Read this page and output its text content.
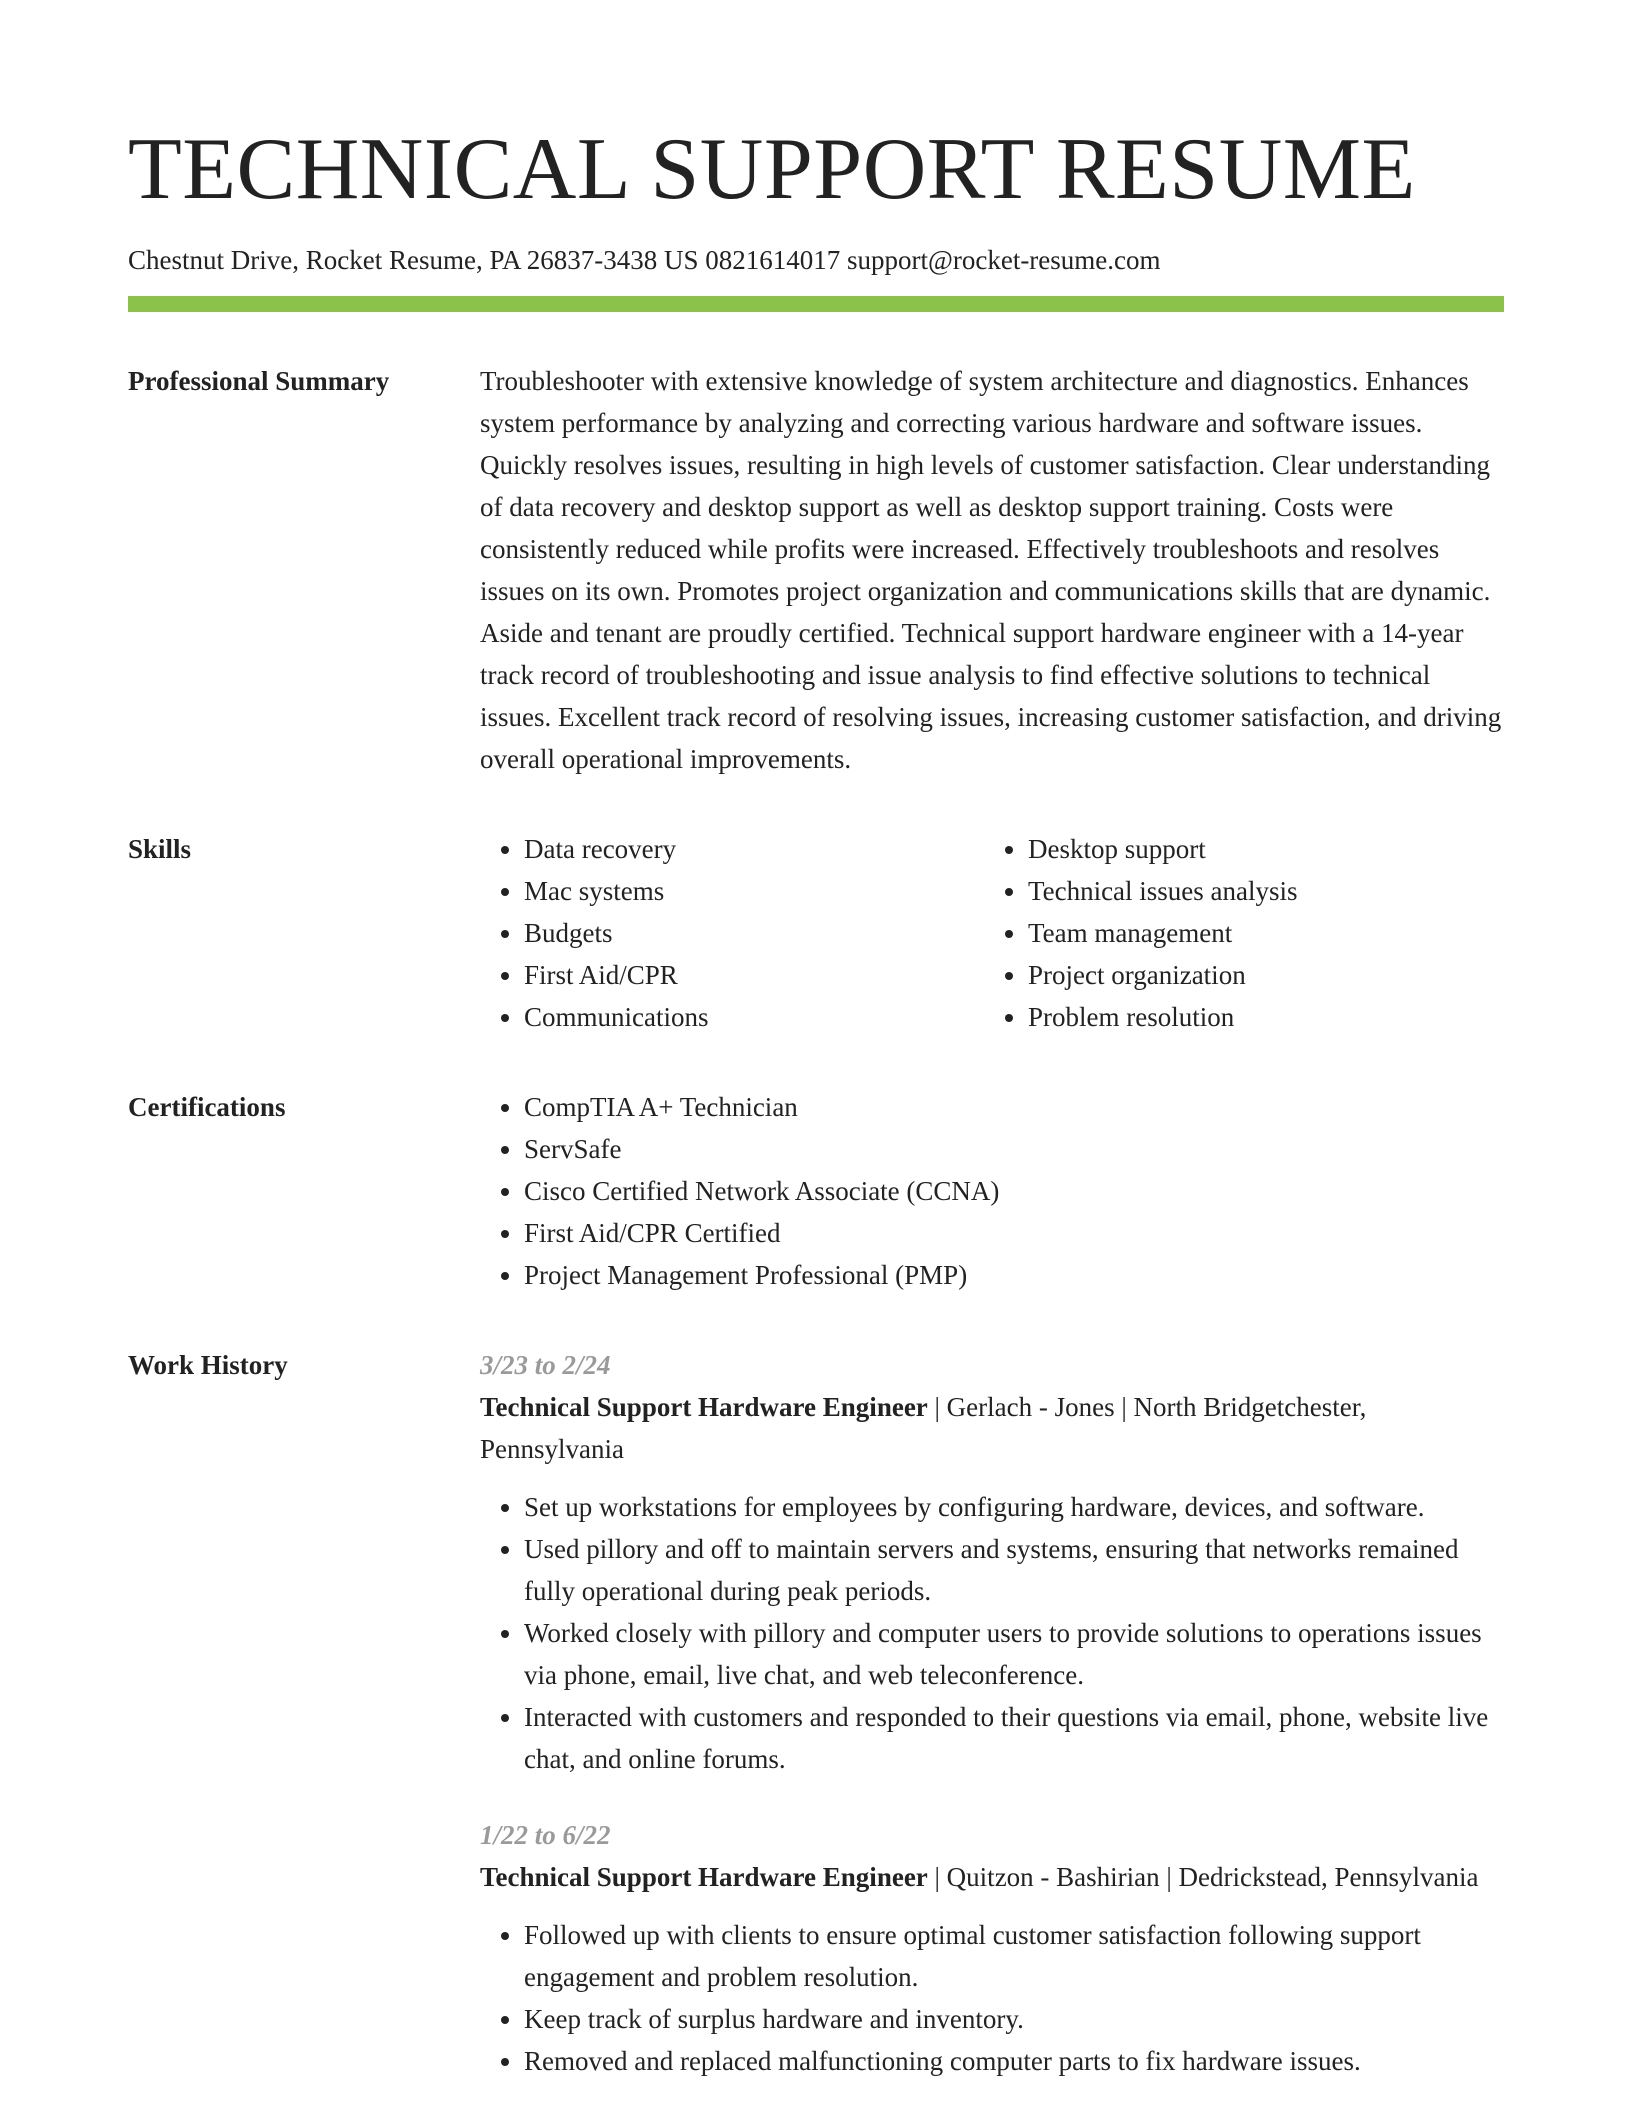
TECHNICAL SUPPORT RESUME
Chestnut Drive, Rocket Resume, PA 26837-3438 US 0821614017 support@rocket-resume.com
Professional Summary	Troubleshooter with extensive knowledge of system architecture and diagnostics. Enhances system performance by analyzing and correcting various hardware and software issues. Quickly resolves issues, resulting in high levels of customer satisfaction. Clear understanding of data recovery and desktop support as well as desktop support training. Costs were consistently reduced while profits were increased. Effectively troubleshoots and resolves issues on its own. Promotes project organization and communications skills that are dynamic. Aside and tenant are proudly certified. Technical support hardware engineer with a 14-year track record of troubleshooting and issue analysis to find effective solutions to technical issues. Excellent track record of resolving issues, increasing customer satisfaction, and driving overall operational improvements.

Skills	• Data recovery
• Mac systems
• Budgets
• First Aid/CPR
• Communications
• Desktop support
• Technical issues analysis
• Team management
• Project organization
• Problem resolution
Certifications	• CompTIA A+ Technician
• ServSafe
• Cisco Certified Network Associate (CCNA)
• First Aid/CPR Certified
• Project Management Professional (PMP)
Work History	3/23 to 2/24
Technical Support Hardware Engineer | Gerlach - Jones | North Bridgetchester, Pennsylvania
• Set up workstations for employees by configuring hardware, devices, and software.
• Used pillory and off to maintain servers and systems, ensuring that networks remained fully operational during peak periods.
• Worked closely with pillory and computer users to provide solutions to operations issues via phone, email, live chat, and web teleconference.
• Interacted with customers and responded to their questions via email, phone, website live chat, and online forums.
1/22 to 6/22
Technical Support Hardware Engineer | Quitzon - Bashirian | Dedrickstead, Pennsylvania
• Followed up with clients to ensure optimal customer satisfaction following support engagement and problem resolution.
• Keep track of surplus hardware and inventory.
• Removed and replaced malfunctioning computer parts to fix hardware issues.
